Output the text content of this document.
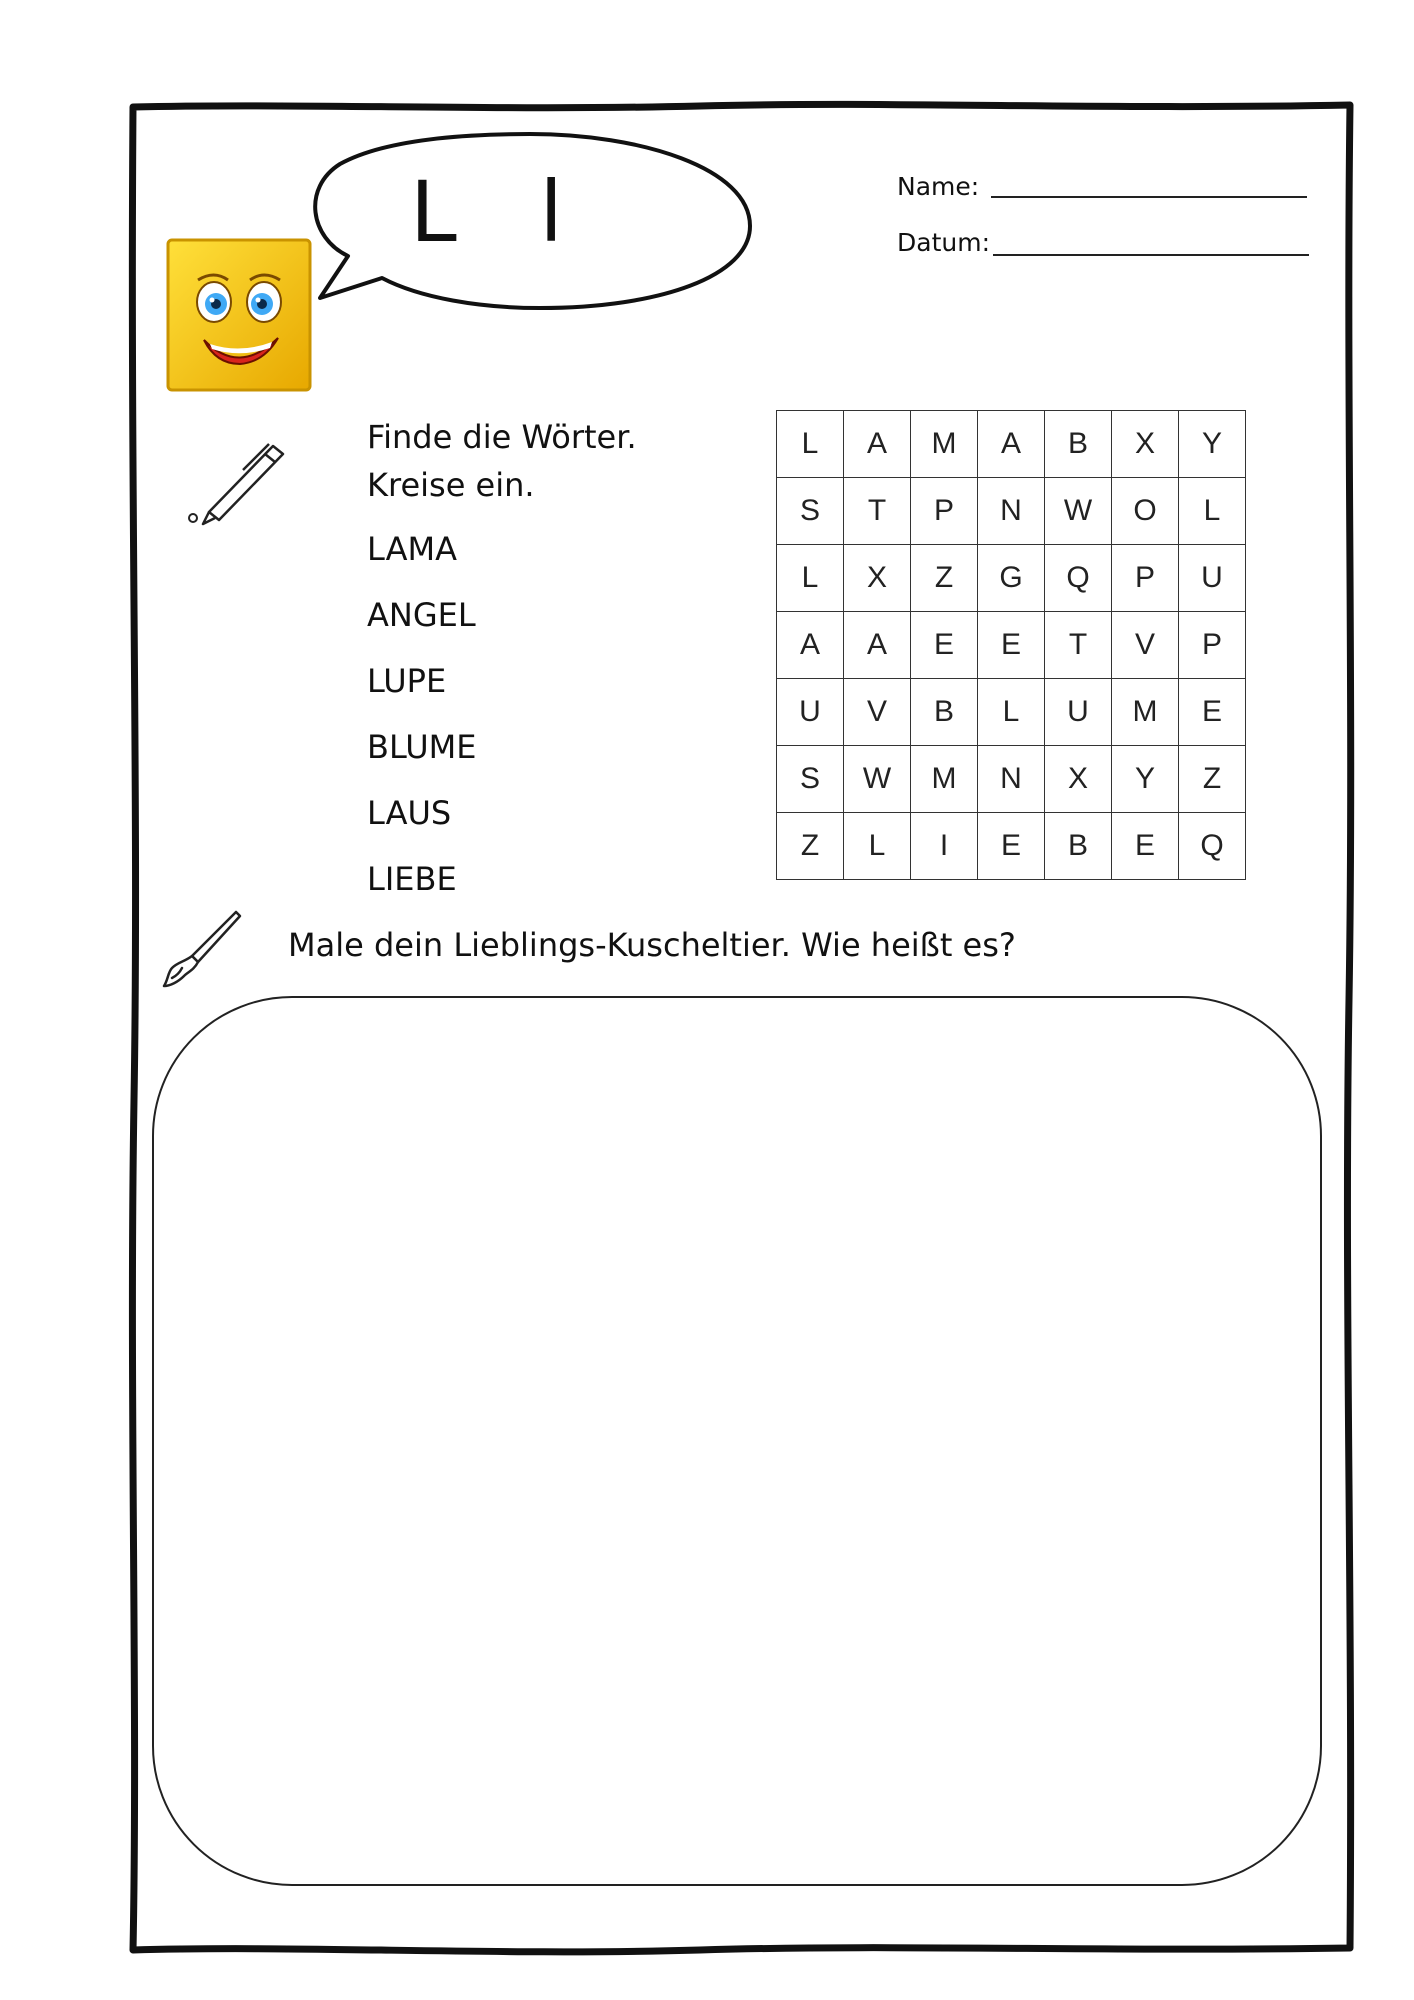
L l	Name:
Datum:
Finde die Wörter.
Kreise ein.
LAMA
ANGEL
LUPE
BLUME
LAUS
LIEBE
L	A	M	A	B	X	Y
S	T	P	N	W	O	L
L	X	Z	G	Q	P	U
A	A	E	E	T	V	P
U	V	B	L	U	M	E
S	W	M	N	X	Y	Z
Z	L	I	E	B	E	Q
Male dein Lieblings-Kuscheltier. Wie heißt es?
